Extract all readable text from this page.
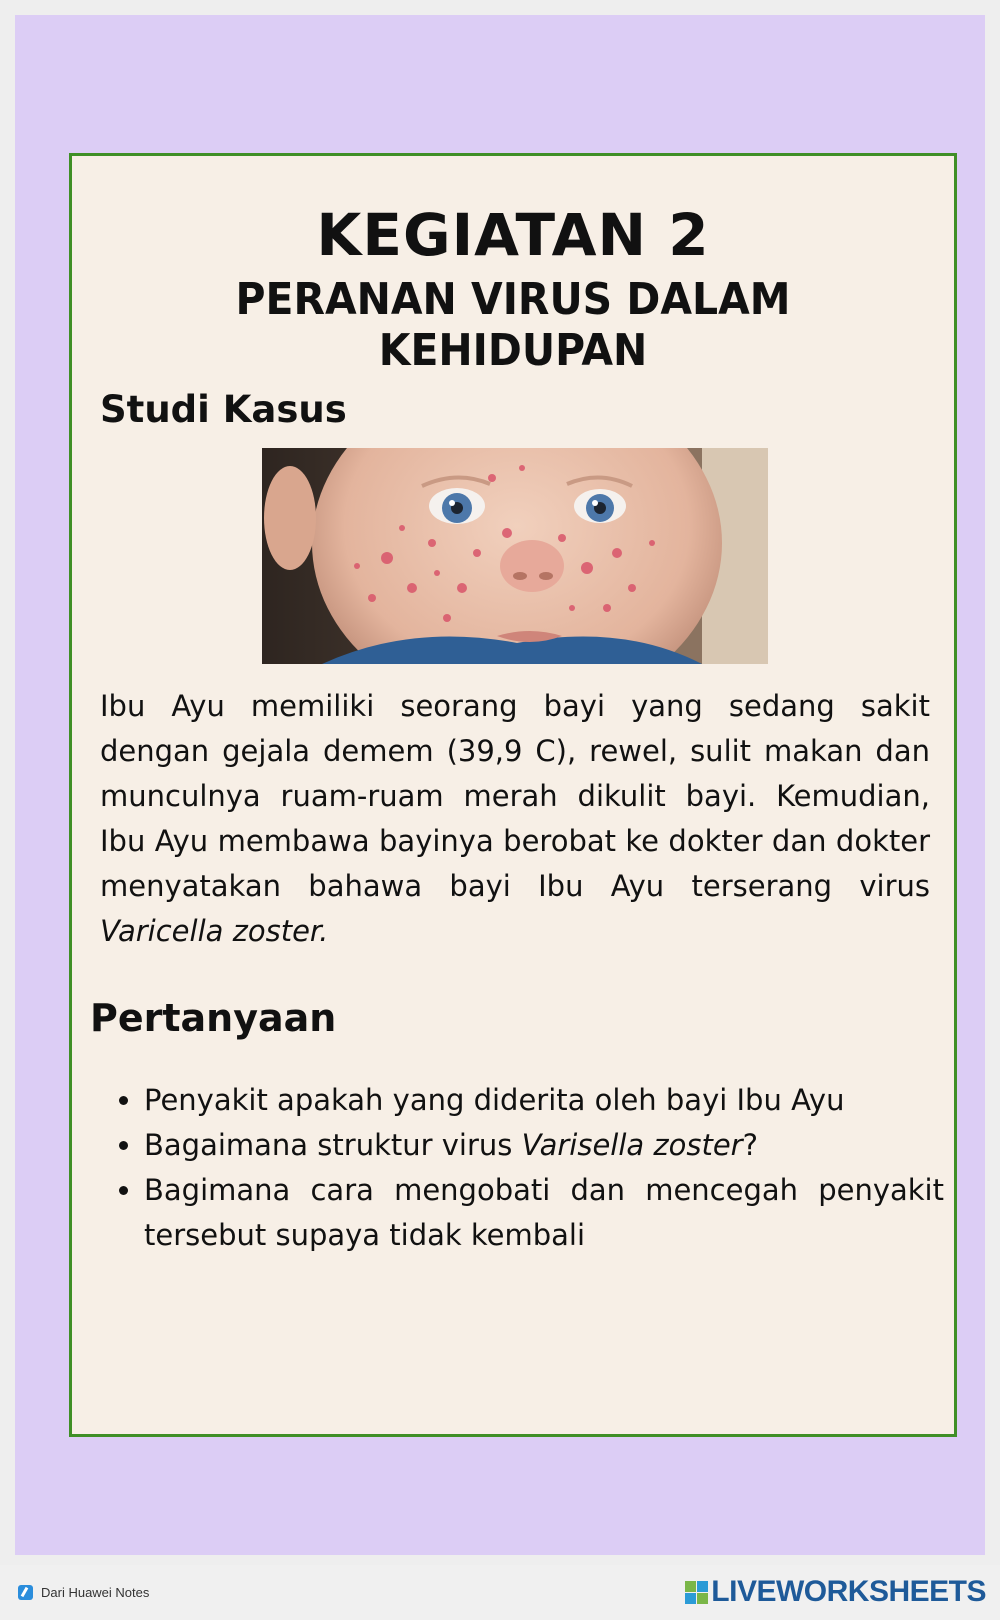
KEGIATAN 2
PERANAN VIRUS DALAM KEHIDUPAN
Studi Kasus
Ibu Ayu memiliki seorang bayi yang sedang sakit dengan gejala demem (39,9 C), rewel, sulit makan dan munculnya ruam-ruam merah dikulit bayi. Kemudian, Ibu Ayu membawa bayinya berobat ke dokter dan dokter menyatakan bahawa bayi Ibu Ayu terserang virus Varicella zoster.
Pertanyaan
• Penyakit apakah yang diderita oleh bayi Ibu Ayu
• Bagaimana struktur virus Varisella zoster?
• Bagimana cara mengobati dan mencegah penyakit tersebut supaya tidak kembali
Dari Huawei Notes	LIVEWORKSHEETS
